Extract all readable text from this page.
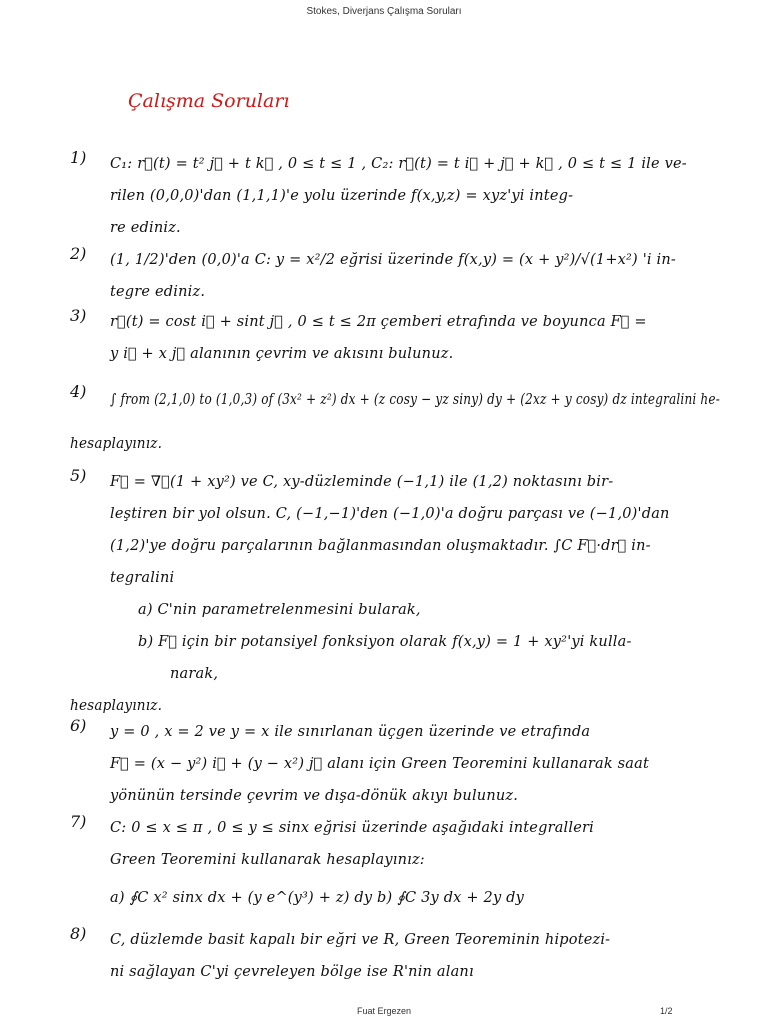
Stokes, Diverjans Çalışma Soruları
Çalışma Soruları
1) C₁: r⃗(t) = t² j⃗ + t k⃗ , 0 ≤ t ≤ 1 , C₂: r⃗(t) = t i⃗ + j⃗ + k⃗ , 0 ≤ t ≤ 1 ile ve-
rilen (0,0,0)'dan (1,1,1)'e yolu üzerinde f(x,y,z) = xyz'yi integ-
re ediniz.
2) (1, 1/2)'den (0,0)'a C: y = x²/2 eğrisi üzerinde f(x,y) = (x + y²)/√(1+x²) 'i in-
tegre ediniz.
3) r⃗(t) = cost i⃗ + sint j⃗ , 0 ≤ t ≤ 2π çemberi etrafında ve boyunca F⃗ =
y i⃗ + x j⃗ alanının çevrim ve akısını bulunuz.
4) ∫ from (2,1,0) to (1,0,3) of (3x² + z²) dx + (z cosy − yz siny) dy + (2xz + y cosy) dz integralini he-
hesaplayınız.
5) F⃗ = ∇⃗(1 + xy²) ve C, xy-düzleminde (−1,1) ile (1,2) noktasını bir-
leştiren bir yol olsun. C, (−1,−1)'den (−1,0)'a doğru parçası ve (−1,0)'dan
(1,2)'ye doğru parçalarının bağlanmasından oluşmaktadır. ∫C F⃗·dr⃗ in-
tegralini
a) C'nin parametrelenmesini bularak,
b) F⃗ için bir potansiyel fonksiyon olarak f(x,y) = 1 + xy²'yi kulla-
narak,
hesaplayınız.
6) y = 0 , x = 2 ve y = x ile sınırlanan üçgen üzerinde ve etrafında
F⃗ = (x − y²) i⃗ + (y − x²) j⃗ alanı için Green Teoremini kullanarak saat
yönünün tersinde çevrim ve dışa-dönük akıyı bulunuz.
7) C: 0 ≤ x ≤ π , 0 ≤ y ≤ sinx eğrisi üzerinde aşağıdaki integralleri
Green Teoremini kullanarak hesaplayınız:
a) ∮C x² sinx dx + (y e^(y³) + z) dy b) ∮C 3y dx + 2y dy
8) C, düzlemde basit kapalı bir eğri ve R, Green Teoreminin hipotezi-
ni sağlayan C'yi çevreleyen bölge ise R'nin alanı
Fuat Ergezen	1/2
